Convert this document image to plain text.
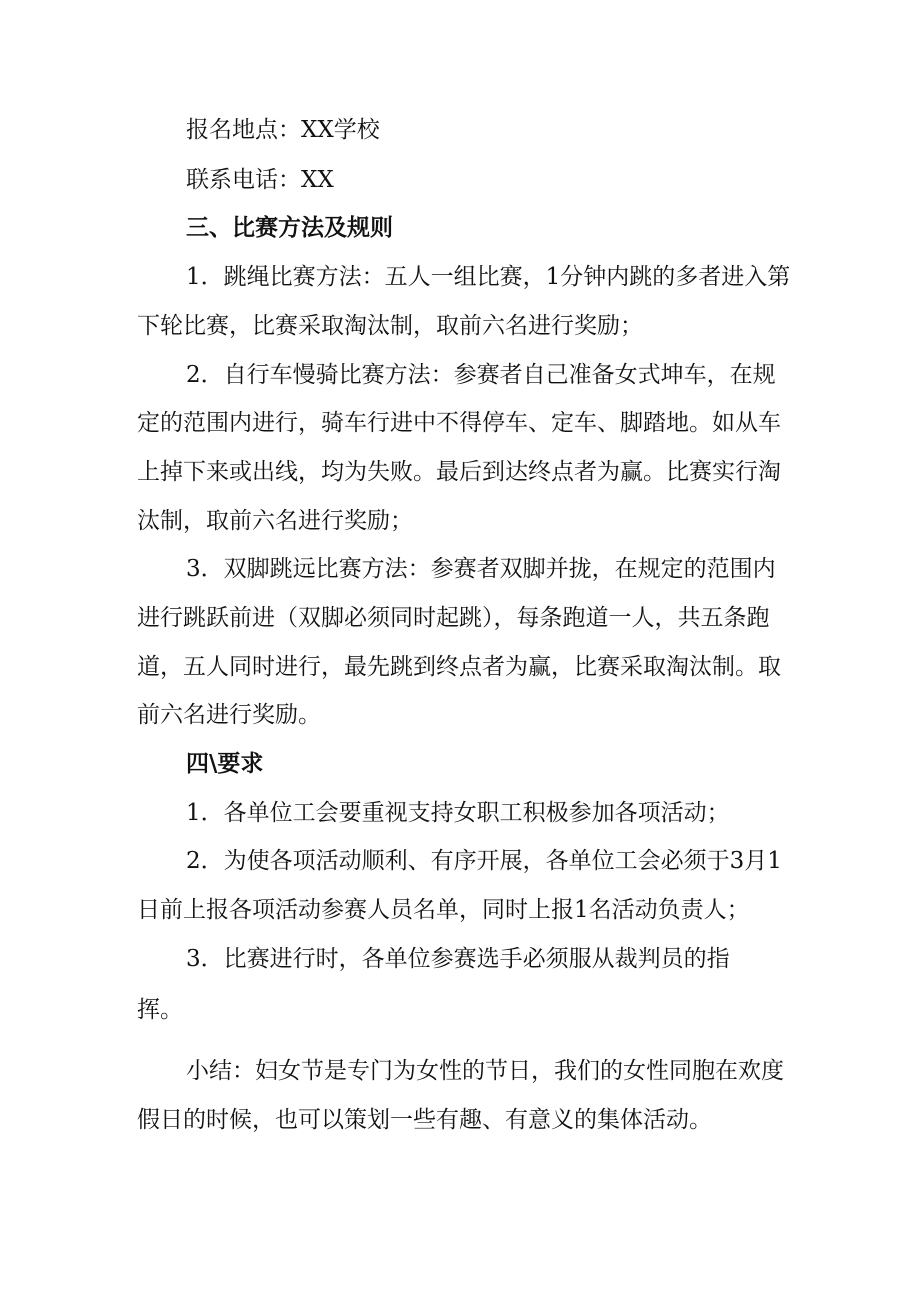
报名地点：XX学校
联系电话：XX
三、比赛方法及规则
1．跳绳比赛方法：五人一组比赛，1分钟内跳的多者进入第
下轮比赛，比赛采取淘汰制，取前六名进行奖励；
2．自行车慢骑比赛方法：参赛者自己准备女式坤车，在规
定的范围内进行，骑车行进中不得停车、定车、脚踏地。如从车
上掉下来或出线，均为失败。最后到达终点者为赢。比赛实行淘
汰制，取前六名进行奖励；
3．双脚跳远比赛方法：参赛者双脚并拢，在规定的范围内
进行跳跃前进（双脚必须同时起跳），每条跑道一人，共五条跑
道，五人同时进行，最先跳到终点者为赢，比赛采取淘汰制。取
前六名进行奖励。
四\要求
1．各单位工会要重视支持女职工积极参加各项活动；
2．为使各项活动顺利、有序开展，各单位工会必须于3月1
日前上报各项活动参赛人员名单，同时上报1名活动负责人；
3．比赛进行时，各单位参赛选手必须服从裁判员的指
挥。
小结：妇女节是专门为女性的节日，我们的女性同胞在欢度
假日的时候，也可以策划一些有趣、有意义的集体活动。
